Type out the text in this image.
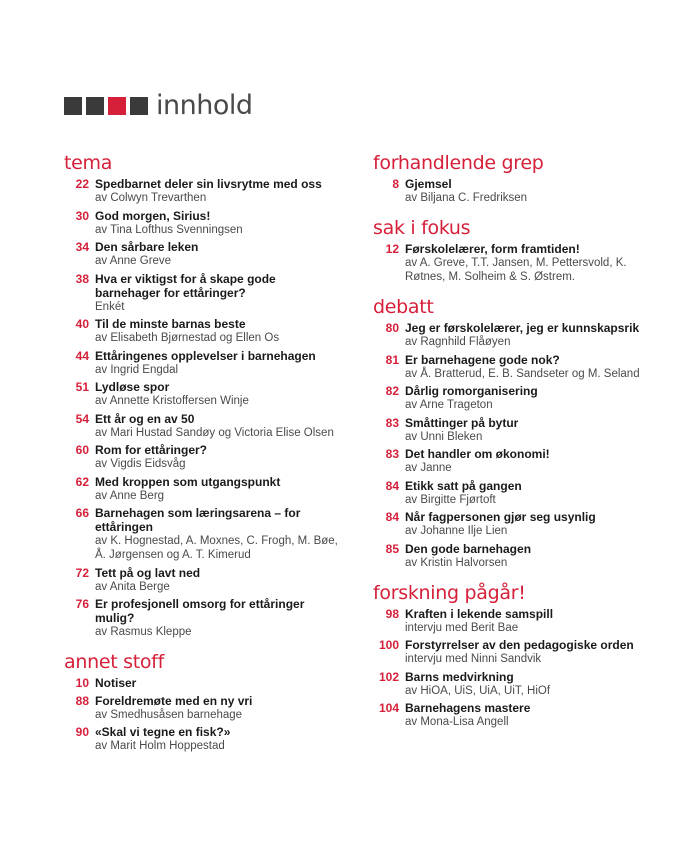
innhold
tema
22 Spedbarnet deler sin livsrytme med oss
av Colwyn Trevarthen
30 God morgen, Sirius!
av Tina Lofthus Svenningsen
34 Den sårbare leken
av Anne Greve
38 Hva er viktigst for å skape gode barnehager for ettåringer?
Enkét
40 Til de minste barnas beste
av Elisabeth Bjørnestad og Ellen Os
44 Ettåringenes opplevelser i barnehagen
av Ingrid Engdal
51 Lydløse spor
av Annette Kristoffersen Winje
54 Ett år og en av 50
av Mari Hustad Sandøy og Victoria Elise Olsen
60 Rom for ettåringer?
av Vigdis Eidsvåg
62 Med kroppen som utgangspunkt
av Anne Berg
66 Barnehagen som læringsarena – for ettåringen
av K. Hognestad, A. Moxnes, C. Frogh, M. Bøe, Å. Jørgensen og A. T. Kimerud
72 Tett på og lavt ned
av Anita Berge
76 Er profesjonell omsorg for ettåringer mulig?
av Rasmus Kleppe
annet stoff
10 Notiser
88 Foreldremøte med en ny vri
av Smedhusåsen barnehage
90 «Skal vi tegne en fisk?»
av Marit Holm Hoppestad
forhandlende grep
8 Gjemsel
av Biljana C. Fredriksen
sak i fokus
12 Førskolelærer, form framtiden!
av A. Greve, T.T. Jansen, M. Pettersvold, K. Røtnes, M. Solheim & S. Østrem.
debatt
80 Jeg er førskolelærer, jeg er kunnskapsrik
av Ragnhild Flåøyen
81 Er barnehagene gode nok?
av Å. Bratterud, E. B. Sandseter og M. Seland
82 Dårlig romorganisering
av Arne Trageton
83 Småttinger på bytur
av Unni Bleken
83 Det handler om økonomi!
av Janne
84 Etikk satt på gangen
av Birgitte Fjørtoft
84 Når fagpersonen gjør seg usynlig
av Johanne Ilje Lien
85 Den gode barnehagen
av Kristin Halvorsen
forskning pågår!
98 Kraften i lekende samspill
intervju med Berit Bae
100 Forstyrrelser av den pedagogiske orden
intervju med Ninni Sandvik
102 Barns medvirkning
av HiOA, UiS, UiA, UiT, HiOf
104 Barnehagens mastere
av Mona-Lisa Angell
